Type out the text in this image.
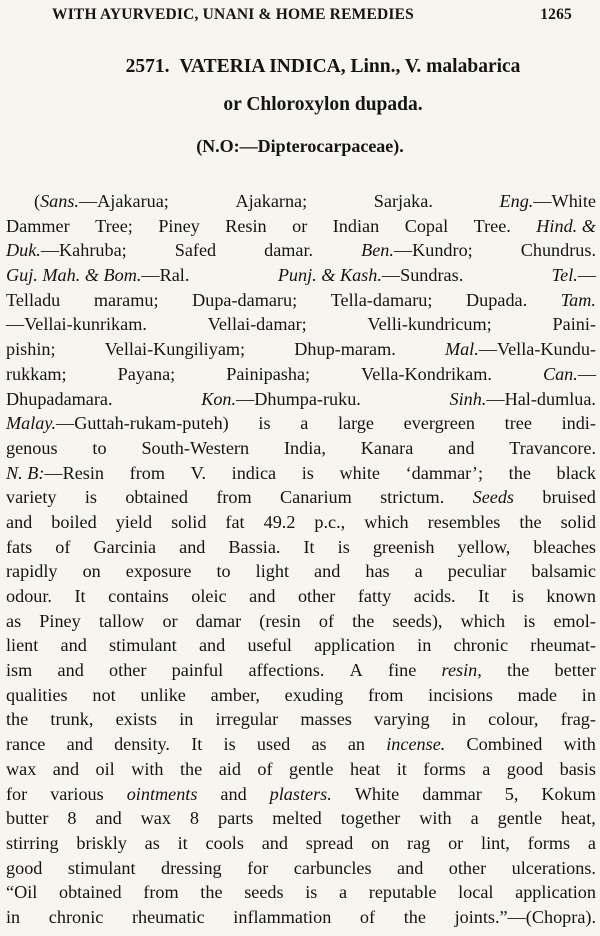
WITH AYURVEDIC, UNANI & HOME REMEDIES	1265
2571. VATERIA INDICA, Linn., V. malabarica
or Chloroxylon dupada.
(N.O:—Dipterocarpaceae).
(Sans.—Ajakarua;	Ajakarna;	Sarjaka.	Eng.—White
Dammer Tree; Piney Resin or Indian Copal Tree. Hind. &
Duk.—Kahruba;	Safed	damar.	Ben.—Kundro;	Chundrus.
Guj. Mah. & Bom.—Ral.	Punj. & Kash.—Sundras.	Tel.—
Telladu maramu; Dupa-damaru; Tella-damaru; Dupada. Tam.
—Vellai-kunrikam.	Vellai-damar;	Velli-kundricum;	Paini-
pishin;	Vellai-Kungiliyam;	Dhup-maram.	Mal.—Vella-Kundu-
rukkam;	Payana;	Painipasha;	Vella-Kondrikam.	Can.—
Dhupadamara.	Kon.—Dhumpa-ruku.	Sinh.—Hal-dumlua.
Malay.—Guttah-rukam-puteh) is a large evergreen tree indi-
genous to South-Western India, Kanara and Travancore.
N. B:—Resin from V. indica is white ‘dammar’; the black
variety is obtained from Canarium strictum. Seeds bruised
and boiled yield solid fat 49.2 p.c., which resembles the solid
fats of Garcinia and Bassia. It is greenish yellow, bleaches
rapidly on exposure to light and has a peculiar balsamic
odour. It contains oleic and other fatty acids. It is known
as Piney tallow or damar (resin of the seeds), which is emol-
lient and stimulant and useful application in chronic rheumat-
ism and other painful affections. A fine resin, the better
qualities not unlike amber, exuding from incisions made in
the trunk, exists in irregular masses varying in colour, frag-
rance and density. It is used as an incense. Combined with
wax and oil with the aid of gentle heat it forms a good basis
for various ointments and plasters. White dammar 5, Kokum
butter 8 and wax 8 parts melted together with a gentle heat,
stirring briskly as it cools and spread on rag or lint, forms a
good stimulant dressing for carbuncles and other ulcerations.
“Oil obtained from the seeds is a reputable local application
in chronic rheumatic inflammation of the joints.”—(Chopra).
